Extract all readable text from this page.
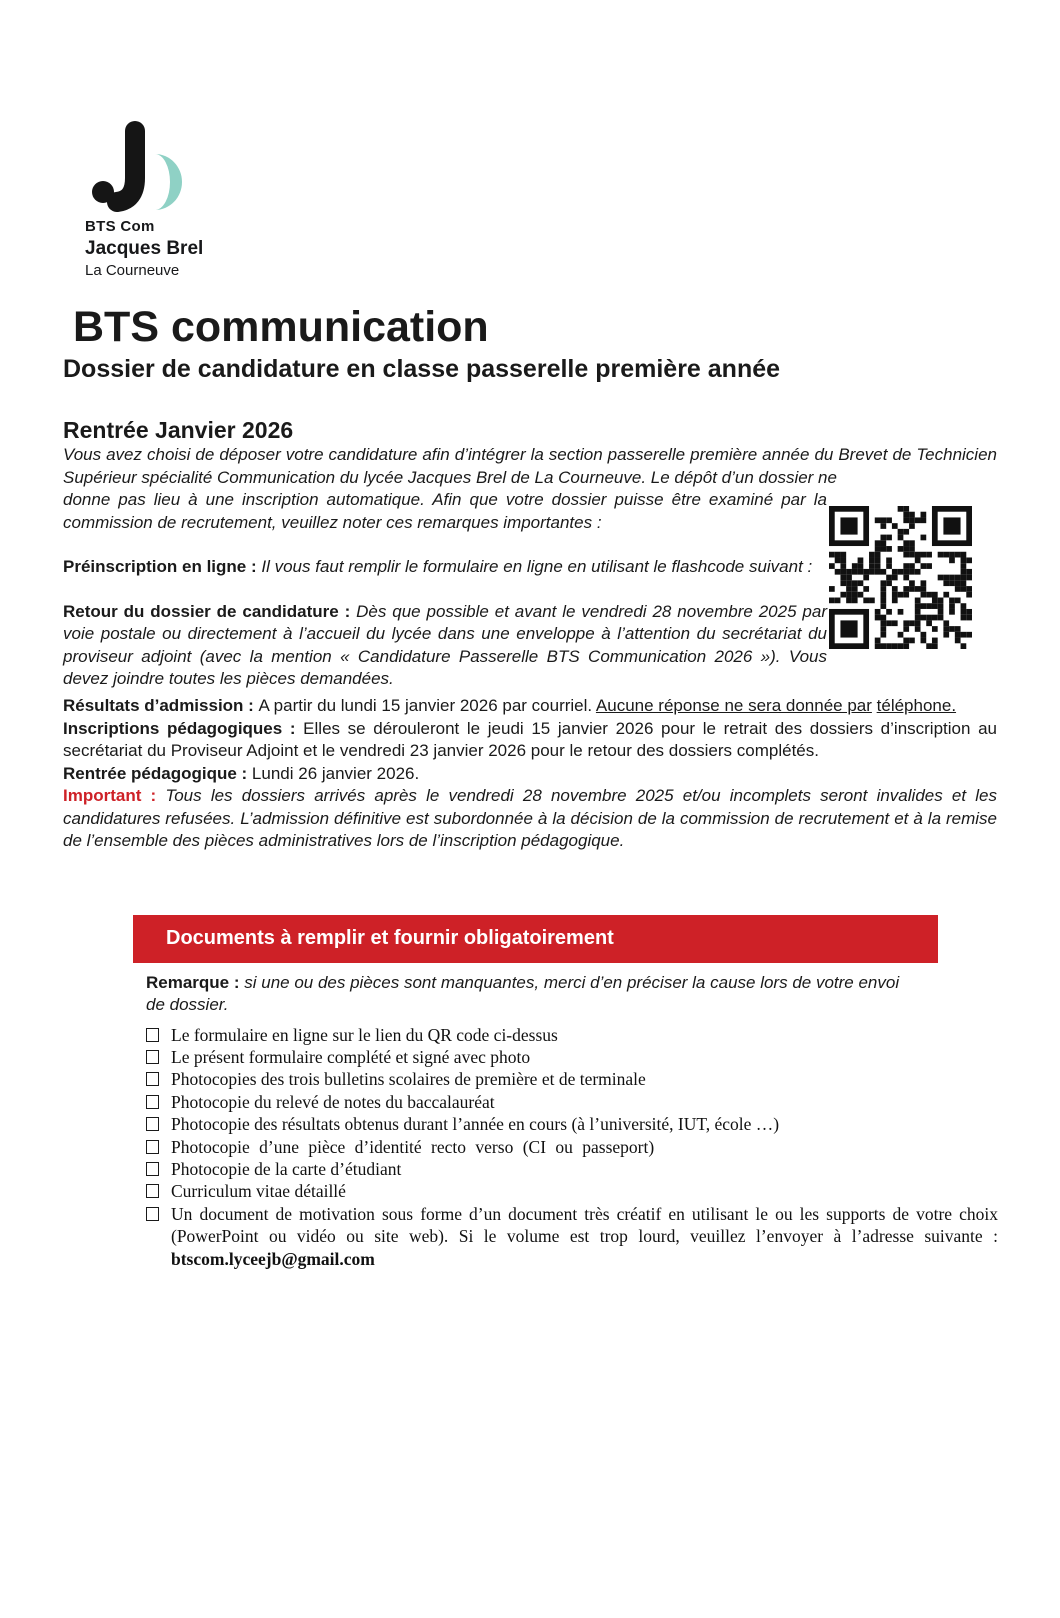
BTS Com
Jacques Brel
La Courneuve
BTS communication
Dossier de candidature en classe passerelle première année
Rentrée Janvier 2026

Vous avez choisi de déposer votre candidature afin d’intégrer la section passerelle première année du Brevet de Technicien Supérieur spécialité Communication du lycée Jacques Brel de La Courneuve. Le dépôt d’un dossier ne

donne pas lieu à une inscription automatique. Afin que votre dossier puisse être examiné par la commission de recrutement, veuillez noter ces remarques importantes :

Préinscription en ligne : Il vous faut remplir le formulaire en ligne en utilisant le flashcode suivant :

Retour du dossier de candidature : Dès que possible et avant le vendredi 28 novembre 2025 par voie postale ou directement à l’accueil du lycée dans une enveloppe à l’attention du secrétariat du proviseur adjoint (avec la mention « Candidature Passerelle BTS Communication 2026 »). Vous devez joindre toutes les pièces demandées.

Résultats d’admission : A partir du lundi 15 janvier 2026 par courriel. Aucune réponse ne sera donnée par téléphone.

Inscriptions pédagogiques : Elles se dérouleront le jeudi 15 janvier 2026 pour le retrait des dossiers d’inscription au secrétariat du Proviseur Adjoint et le vendredi 23 janvier 2026 pour le retour des dossiers complétés.

Rentrée pédagogique : Lundi 26 janvier 2026.

Important : Tous les dossiers arrivés après le vendredi 28 novembre 2025 et/ou incomplets seront invalides et les candidatures refusées. L’admission définitive est subordonnée à la décision de la commission de recrutement et à la remise de l’ensemble des pièces administratives lors de l’inscription pédagogique.

Documents à remplir et fournir obligatoirement

Remarque : si une ou des pièces sont manquantes, merci d’en préciser la cause lors de votre envoi de dossier.

Le formulaire en ligne sur le lien du QR code ci-dessus
Le présent formulaire complété et signé avec photo
Photocopies des trois bulletins scolaires de première et de terminale
Photocopie du relevé de notes du baccalauréat
Photocopie des résultats obtenus durant l’année en cours (à l’université, IUT, école …)
Photocopie d’une pièce d’identité recto verso (CI ou passeport)
Photocopie de la carte d’étudiant
Curriculum vitae détaillé
Un document de motivation sous forme d’un document très créatif en utilisant le ou les supports de votre choix (PowerPoint ou vidéo ou site web). Si le volume est trop lourd, veuillez l’envoyer à l’adresse suivante : btscom.lyceejb@gmail.com
